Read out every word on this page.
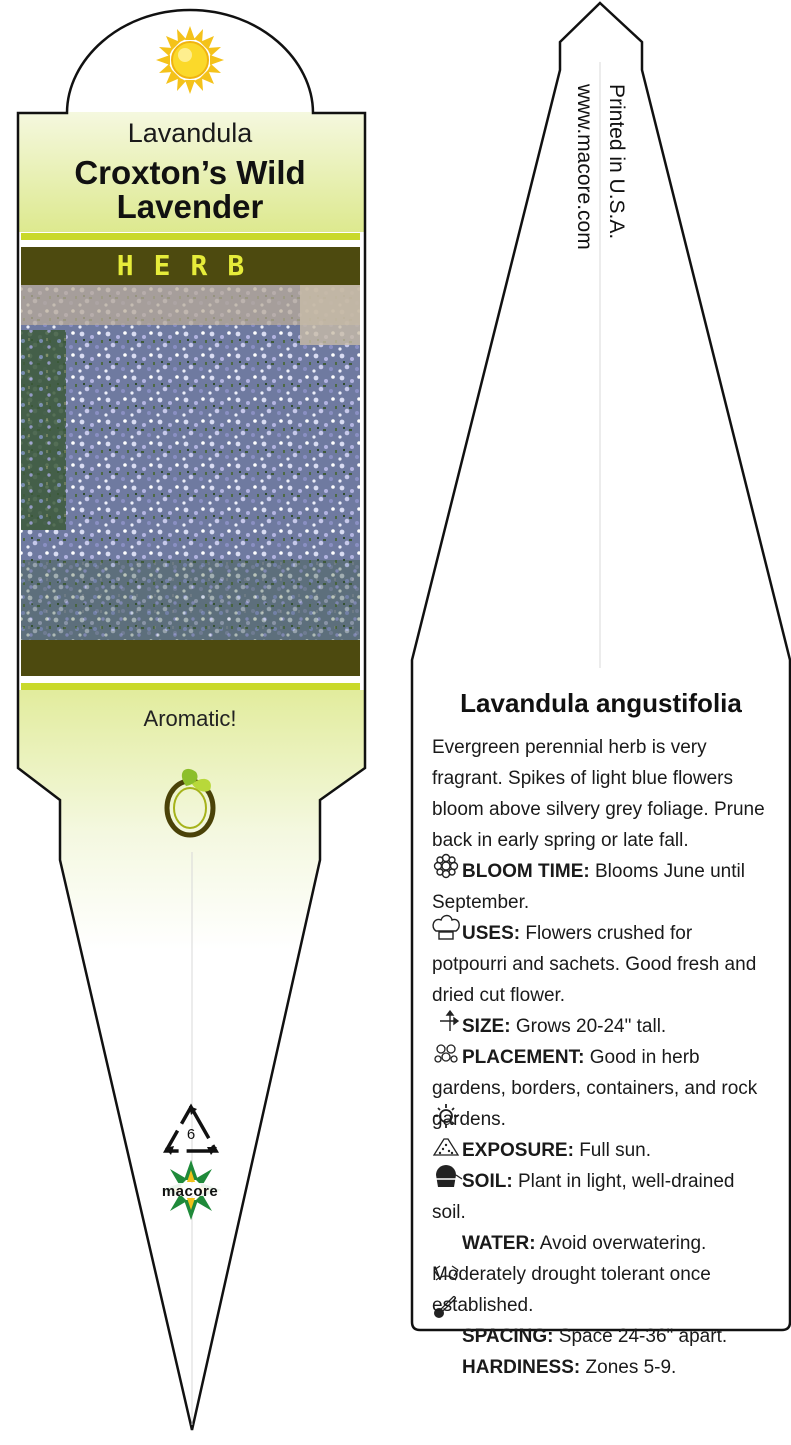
Lavandula
Croxton’s Wild
Lavender
HERB
Aromatic!
6
macore
Printed in U.S.A.
www.macore.com
Lavandula angustifolia

Evergreen perennial herb is very fragrant. Spikes of light blue flowers bloom above silvery grey foliage. Prune back in early spring or late fall.

BLOOM TIME: Blooms June until September.

USES: Flowers crushed for potpourri and sachets. Good fresh and dried cut flower.

SIZE: Grows 20-24" tall.

PLACEMENT: Good in herb gardens, borders, containers, and rock gardens.

EXPOSURE: Full sun.

SOIL: Plant in light, well-drained soil.

WATER: Avoid overwatering. Moderately drought tolerant once established.

SPACING: Space 24-36" apart.

HARDINESS: Zones 5-9.
